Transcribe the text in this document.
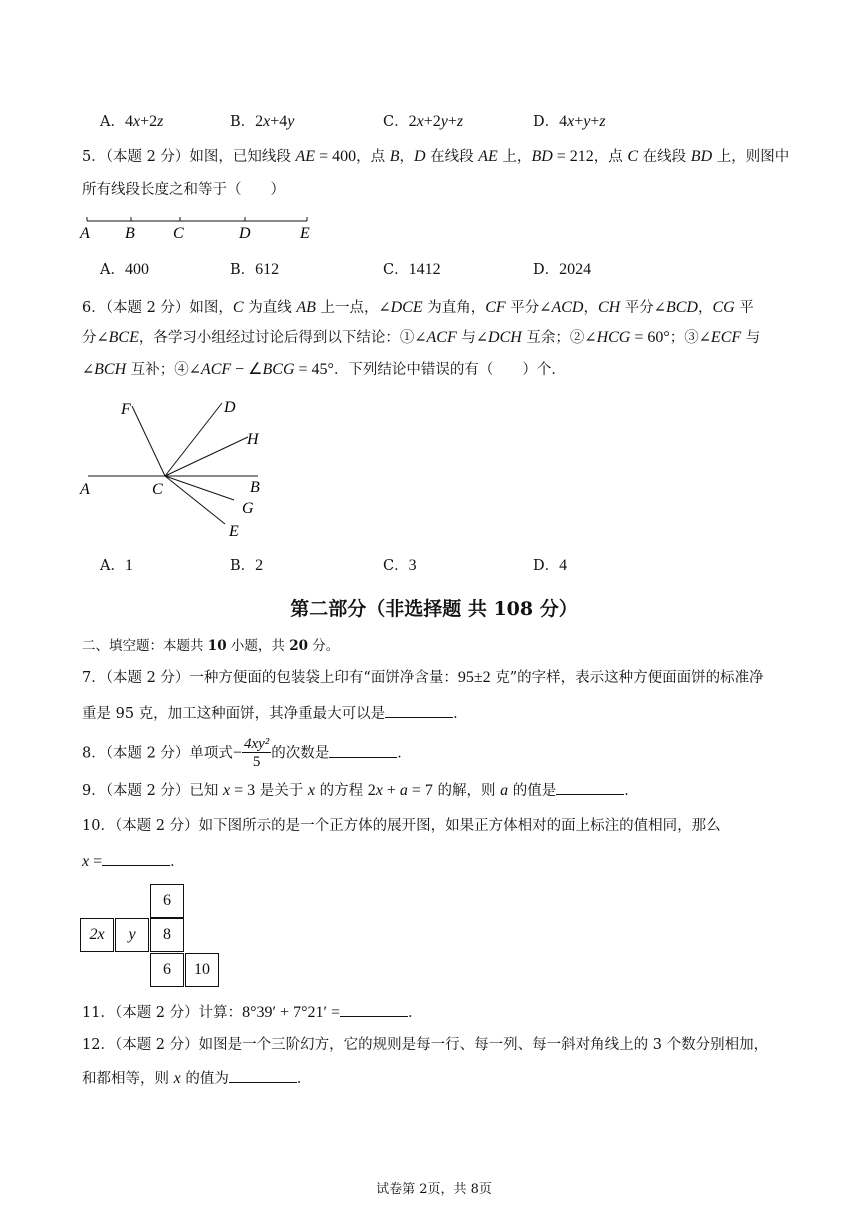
A．4x+2z	B．2x+4y	C．2x+2y+z	D．4x+y+z
5．（本题 2 分）如图，已知线段 AE = 400，点 B，D 在线段 AE 上，BD = 212，点 C 在线段 BD 上，则图中
所有线段长度之和等于（　　）
A B C	D	E
A．400	B．612	C．1412	D．2024
6．（本题 2 分）如图，C 为直线 AB 上一点，∠DCE 为直角，CF 平分∠ACD，CH 平分∠BCD，CG 平
分∠BCE，各学习小组经过讨论后得到以下结论：①∠ACF 与∠DCH 互余；②∠HCG = 60°；③∠ECF 与
∠BCH 互补；④∠ACF − ∠BCG = 45°．下列结论中错误的有（　　）个．
F	D
H
A	C	B
G
E
A．1	B．2	C．3	D．4
第二部分（非选择题 共 108 分）
二、填空题：本题共 10 小题，共 20 分。
7．（本题 2 分）一种方便面的包装袋上印有“面饼净含量：95±2 克”的字样，表示这种方便面面饼的标准净
重是 95 克，加工这种面饼，其净重最大可以是	．
8．（本题 2 分）单项式− $\frac{\text{4xy²}}{5}$ 的次数是	．
9．（本题 2 分）已知 x = 3 是关于 x 的方程 2x + a = 7 的解，则 a 的值是	．
10．（本题 2 分）如下图所示的是一个正方体的展开图，如果正方体相对的面上标注的值相同，那么
x =	．
6
2x	y	8
6	10
11．（本题 2 分）计算：8°39′ + 7°21′ =	．
12．（本题 2 分）如图是一个三阶幻方，它的规则是每一行、每一列、每一斜对角线上的 3 个数分别相加，
和都相等，则 x 的值为	．
试卷第 2页，共 8页
